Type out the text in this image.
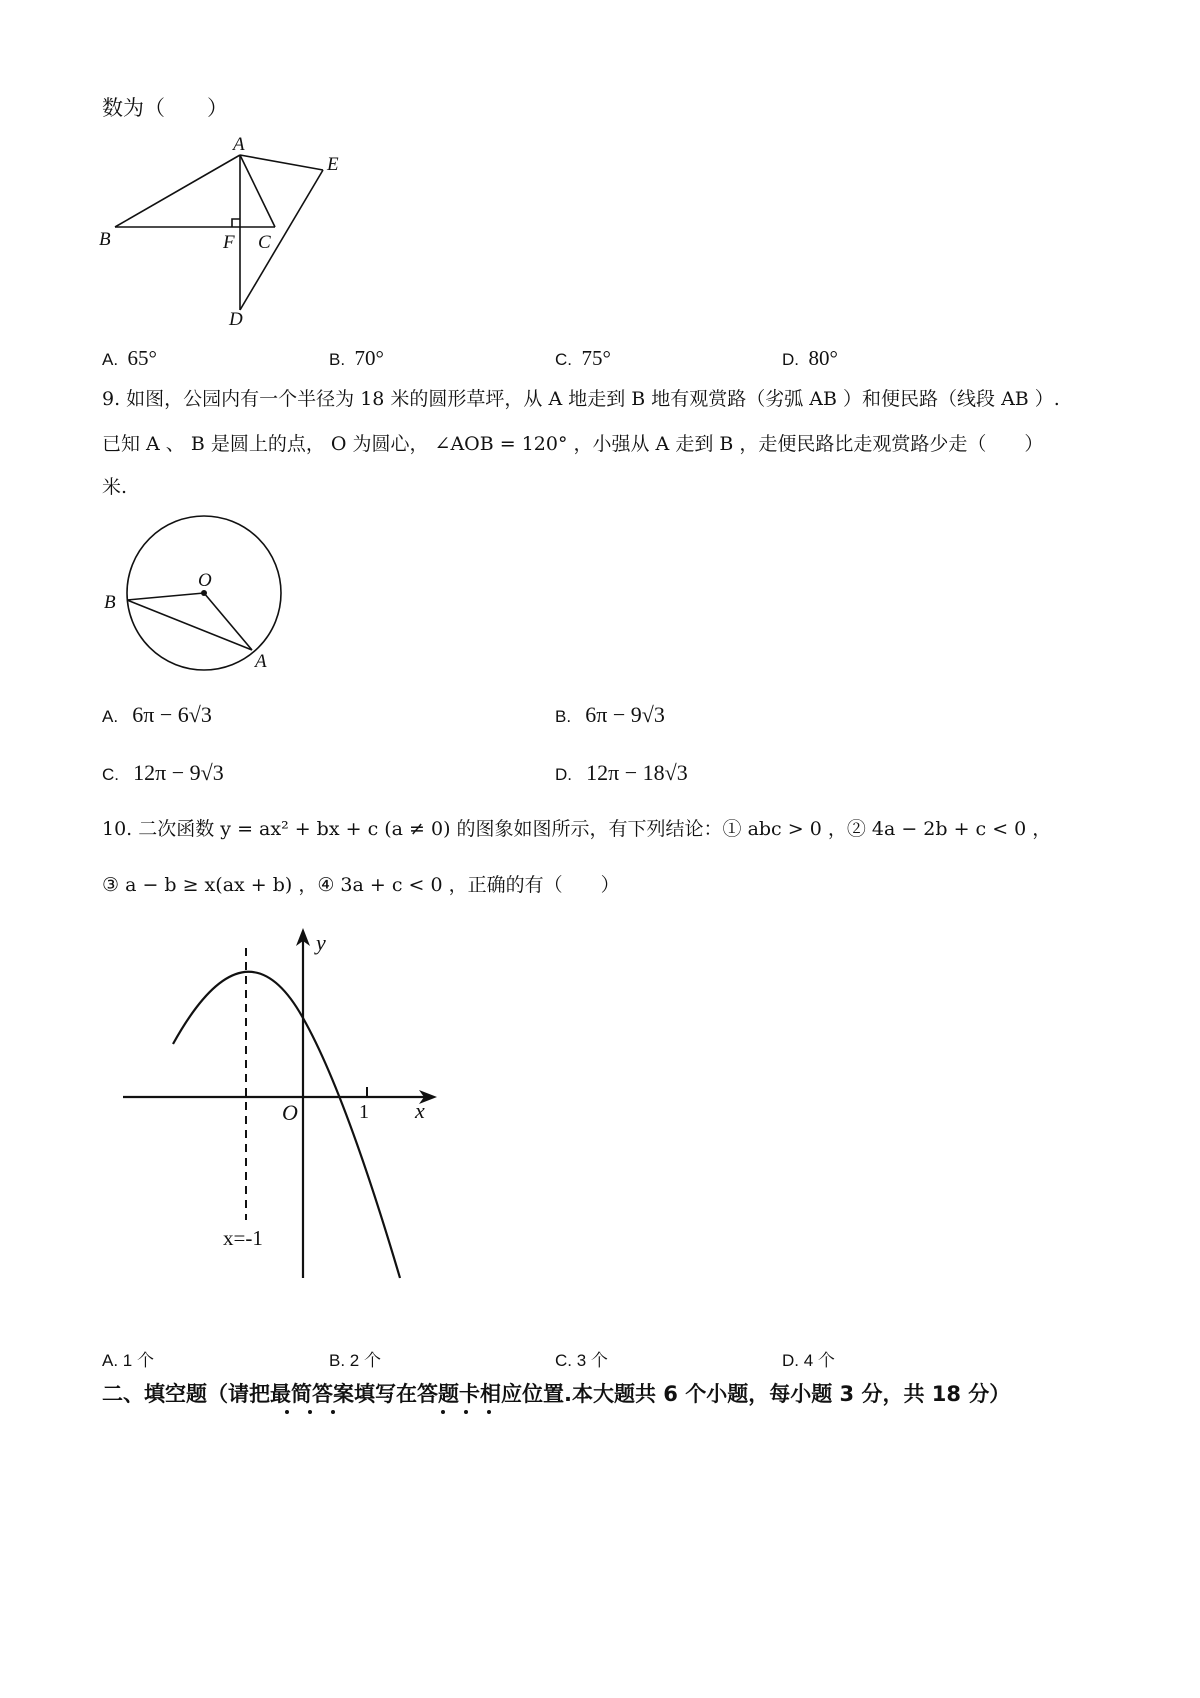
数为（　　）
A
B	F C
E
D
A. 65°	B. 70°	C. 75°	D. 80°
9. 如图，公园内有一个半径为 18 米的圆形草坪，从 A 地走到 B 地有观赏路（劣弧 AB ）和便民路（线段 AB ）.
已知 A 、 B 是圆上的点， O 为圆心， ∠AOB = 120° ，小强从 A 走到 B ，走便民路比走观赏路少走（　　）
米.
O
B
A
A. 6π − 6√3	B. 6π − 9√3
C. 12π − 9√3	D. 12π − 18√3
10. 二次函数 y = ax² + bx + c (a ≠ 0) 的图象如图所示，有下列结论：① abc > 0 ，② 4a − 2b + c < 0 ，
③ a − b ≥ x(ax + b) ，④ 3a + c < 0 ，正确的有（　　）
y
x
O	1
x=-1
A. 1 个	B. 2 个	C. 3 个	D. 4 个
二、填空题（请把最简答案填写在答题卡相应位置.本大题共 6 个小题，每小题 3 分，共 18 分）
